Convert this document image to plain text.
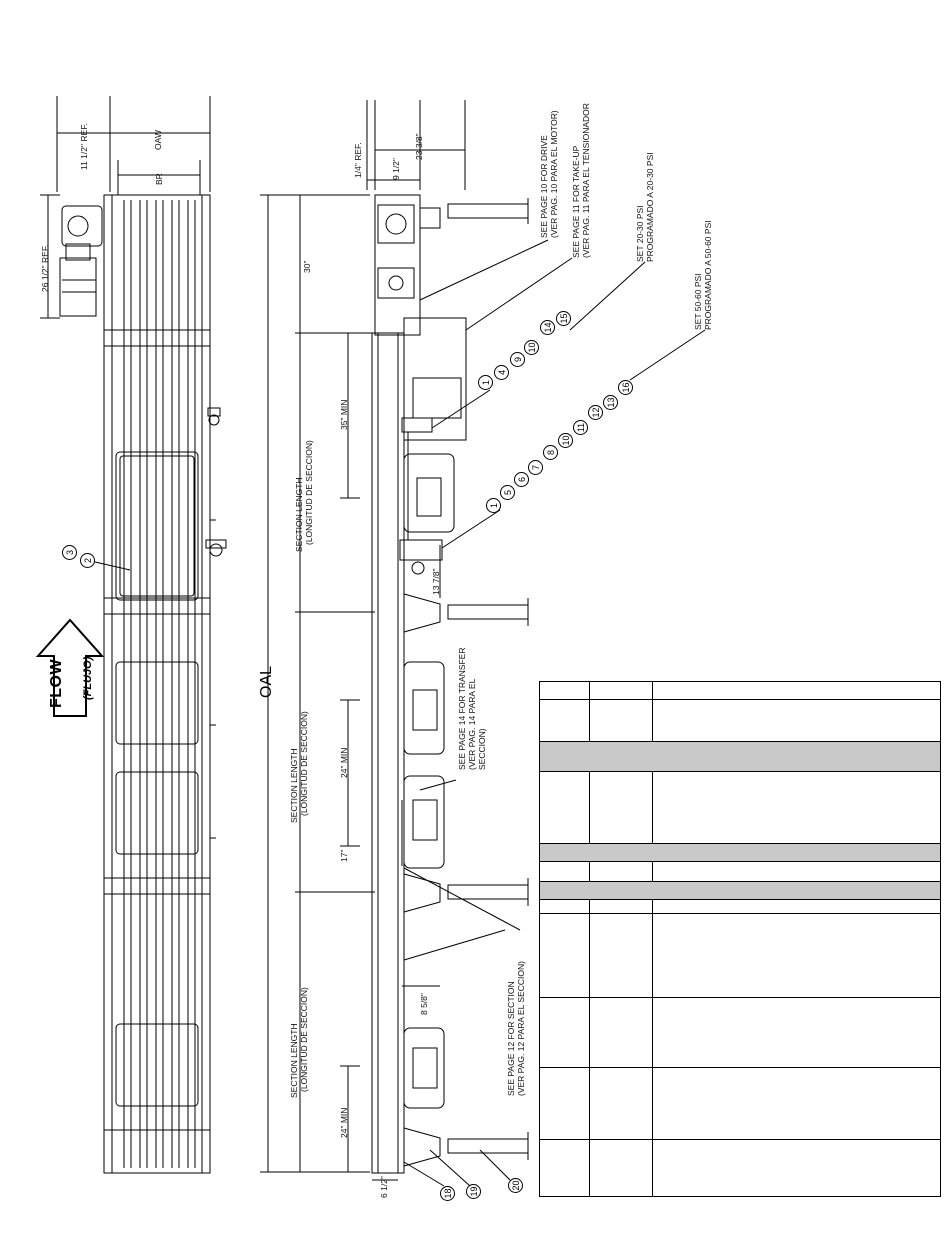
11 1/2" REF.	OAW
BR
26 1/2" REF.
1/4" REF.	9 1/2"
23 3/8"
30"
SEE PAGE 10 FOR DRIVE (VER PAG. 10 PARA EL MOTOR) SEE PAGE 11 FOR TAKE-UP (VER PAG. 11 PARA EL TENSIONADOR	SET 20-30 PSI PROGRAMADO A 20-30 PSI
SET 50-60 PSI PROGRAMADO A 50-60 PSI
35" MIN
SECTION LENGTH (LONGITUD DE SECCION)
13 7/8"
SEE PAGE 14 FOR TRANSFER (VER PAG. 14 PARA EL SECCION)
SECTION LENGTH (LONGITUD DE SECCION)	24" MIN
17"
8 5/8"	SEE PAGE 12 FOR SECTION (VER PAG. 12 PARA EL SECCION)
SECTION LENGTH (LONGITUD DE SECCION)
24" MIN
6 1/2"
OAL
FLOW (FLUJO)
3
2
14
15
1
4
9
10
16
13
12
11
10
8
7
6
5
1
18 19
20
